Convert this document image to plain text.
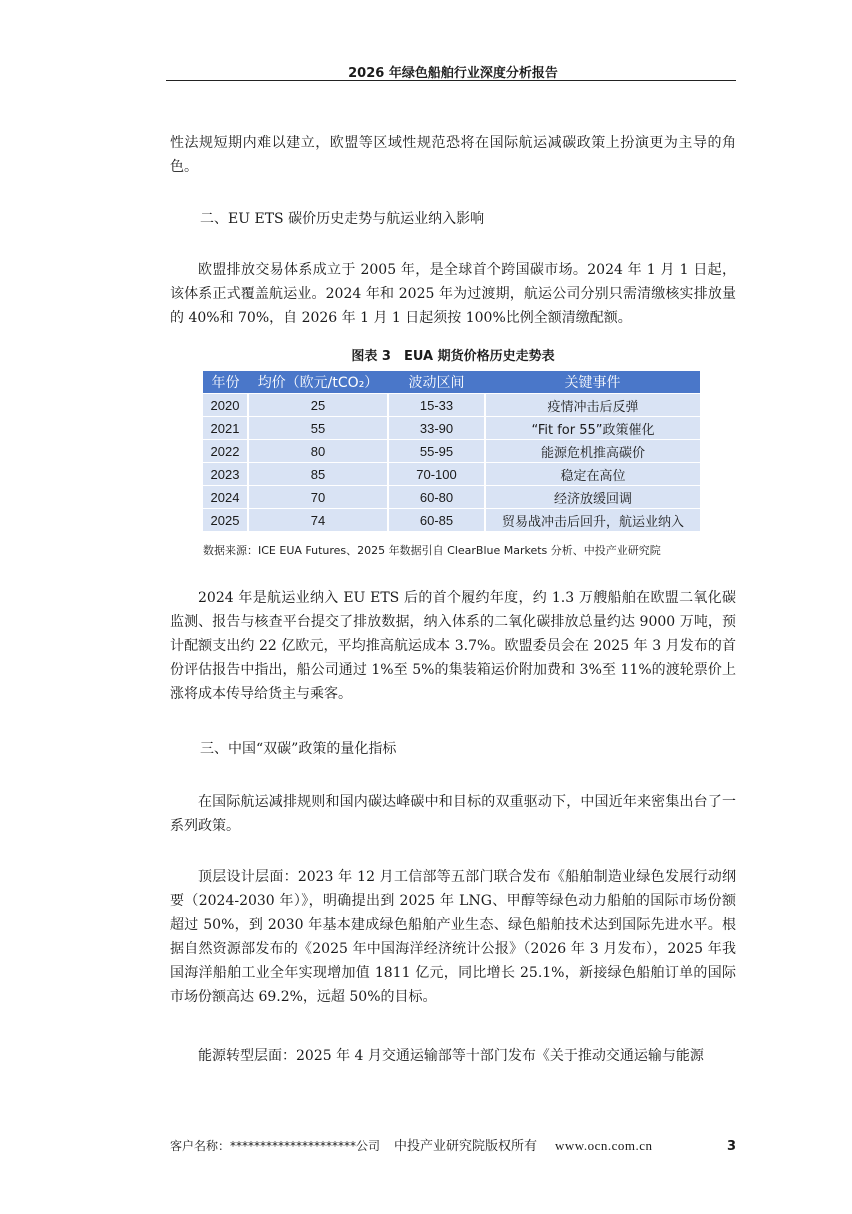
2026 年绿色船舶行业深度分析报告
性法规短期内难以建立，欧盟等区域性规范恐将在国际航运减碳政策上扮演更为主导的角色。
二、EU ETS 碳价历史走势与航运业纳入影响
欧盟排放交易体系成立于 2005 年，是全球首个跨国碳市场。2024 年 1 月 1 日起，该体系正式覆盖航运业。2024 年和 2025 年为过渡期，航运公司分别只需清缴核实排放量的 40%和 70%，自 2026 年 1 月 1 日起须按 100%比例全额清缴配额。
图表 3　EUA 期货价格历史走势表
年份	均价（欧元/tCO₂）	波动区间	关键事件
2020	25	15-33	疫情冲击后反弹
2021	55	33-90	“Fit for 55”政策催化
2022	80	55-95	能源危机推高碳价
2023	85	70-100	稳定在高位
2024	70	60-80	经济放缓回调
2025	74	60-85	贸易战冲击后回升，航运业纳入
数据来源：ICE EUA Futures、2025 年数据引自 ClearBlue Markets 分析、中投产业研究院
2024 年是航运业纳入 EU ETS 后的首个履约年度，约 1.3 万艘船舶在欧盟二氧化碳监测、报告与核查平台提交了排放数据，纳入体系的二氧化碳排放总量约达 9000 万吨，预计配额支出约 22 亿欧元，平均推高航运成本 3.7%。欧盟委员会在 2025 年 3 月发布的首份评估报告中指出，船公司通过 1%至 5%的集装箱运价附加费和 3%至 11%的渡轮票价上涨将成本传导给货主与乘客。
三、中国“双碳”政策的量化指标
在国际航运减排规则和国内碳达峰碳中和目标的双重驱动下，中国近年来密集出台了一系列政策。
顶层设计层面：2023 年 12 月工信部等五部门联合发布《船舶制造业绿色发展行动纲要（2024-2030 年）》，明确提出到 2025 年 LNG、甲醇等绿色动力船舶的国际市场份额超过 50%，到 2030 年基本建成绿色船舶产业生态、绿色船舶技术达到国际先进水平。根据自然资源部发布的《2025 年中国海洋经济统计公报》（2026 年 3 月发布），2025 年我国海洋船舶工业全年实现增加值 1811 亿元，同比增长 25.1%，新接绿色船舶订单的国际市场份额高达 69.2%，远超 50%的目标。
能源转型层面：2025 年 4 月交通运输部等十部门发布《关于推动交通运输与能源
客户名称：*********************公司 中投产业研究院版权所有 www.ocn.com.cn	3
